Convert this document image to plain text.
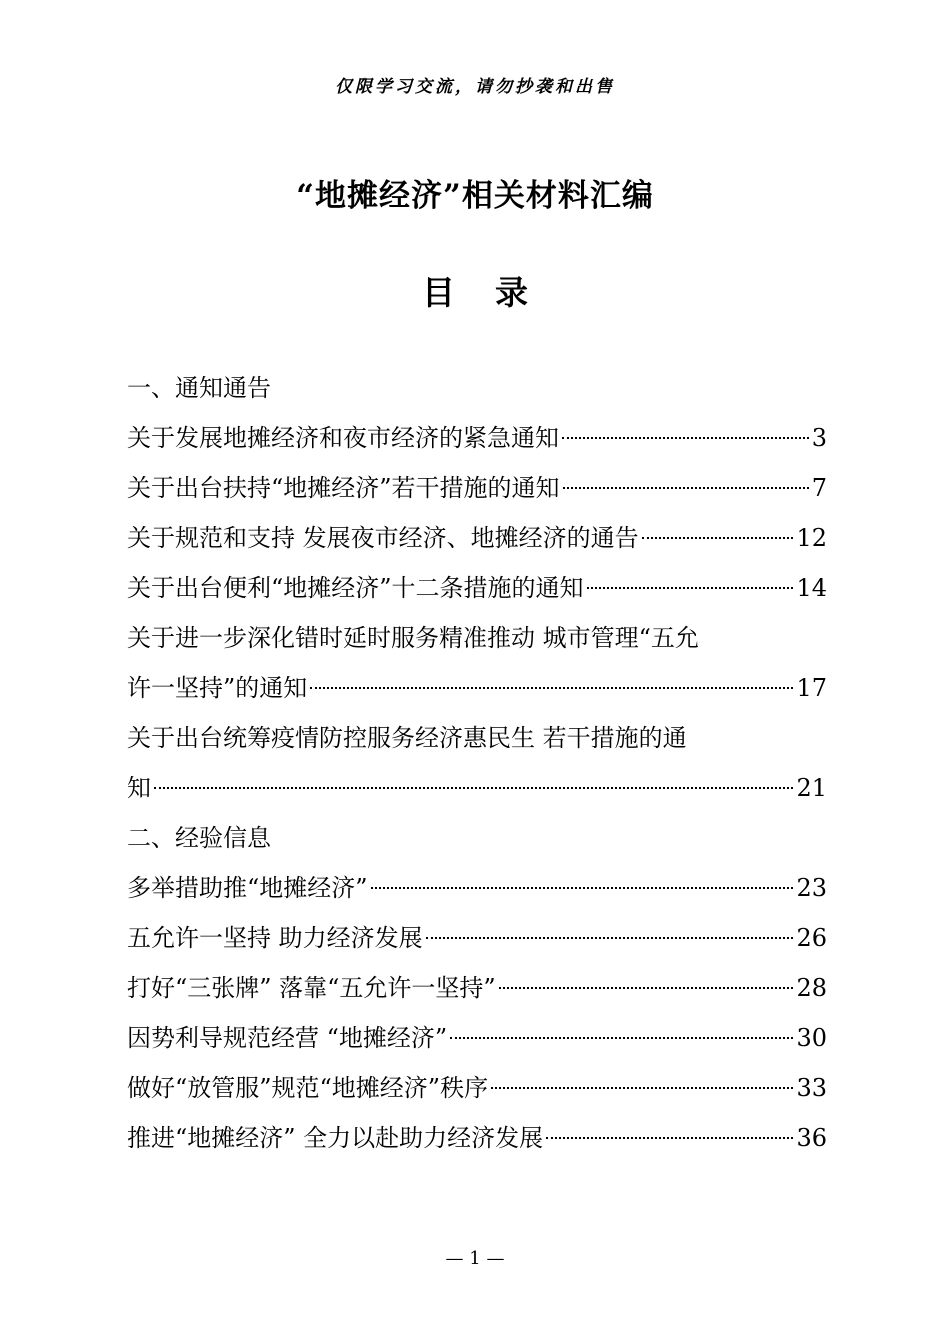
仅限学习交流，请勿抄袭和出售
“地摊经济”相关材料汇编
目录
一、通知通告
关于发展地摊经济和夜市经济的紧急通知	3
关于出台扶持“地摊经济”若干措施的通知	7
关于规范和支持 发展夜市经济、地摊经济的通告	12
关于出台便利“地摊经济”十二条措施的通知	14
关于进一步深化错时延时服务精准推动 城市管理“五允
许一坚持”的通知	17
关于出台统筹疫情防控服务经济惠民生 若干措施的通
知	21
二、经验信息
多举措助推“地摊经济”	23
五允许一坚持 助力经济发展	26
打好“三张牌” 落靠“五允许一坚持”	28
因势利导规范经营 “地摊经济”	30
做好“放管服”规范“地摊经济”秩序	33
推进“地摊经济” 全力以赴助力经济发展	36
— 1 —
